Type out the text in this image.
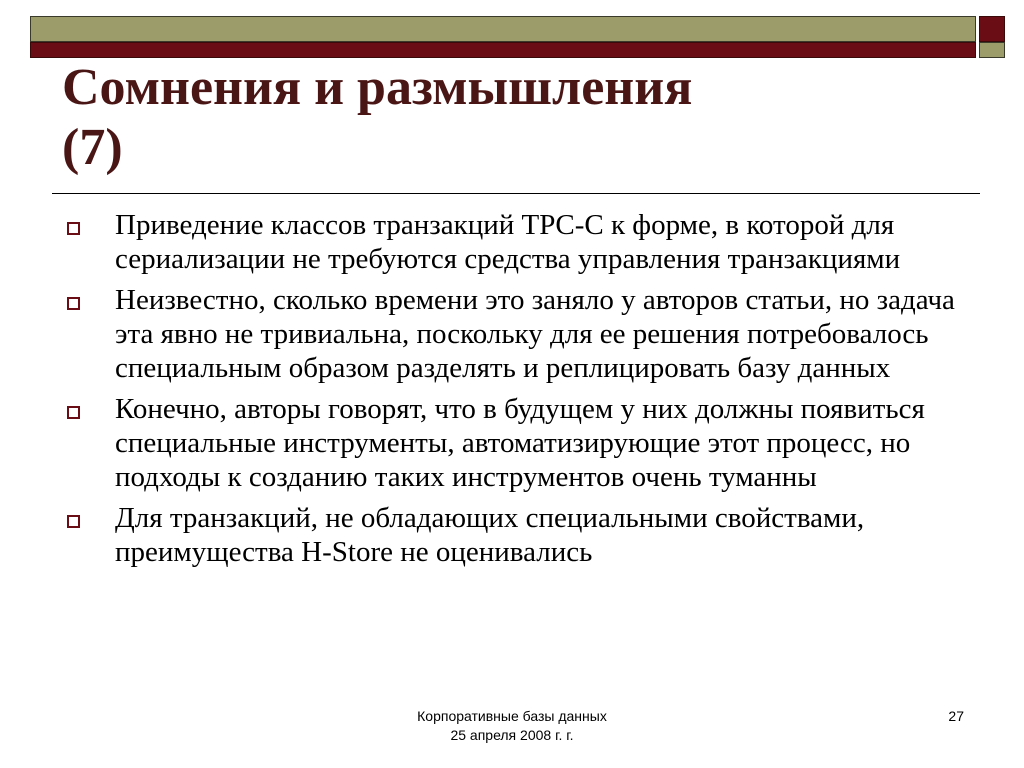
Сомнения и размышления
(7)
Приведение классов транзакций TPC-C к форме, в которой для сериализации не требуются средства управления транзакциями
Неизвестно, сколько времени это заняло у авторов статьи, но задача эта явно не тривиальна, поскольку для ее решения потребовалось специальным образом разделять и реплицировать базу данных
Конечно, авторы говорят, что в будущем у них должны появиться специальные инструменты, автоматизирующие этот процесс, но подходы к созданию таких инструментов очень туманны
Для транзакций, не обладающих специальными свойствами, преимущества H-Store не оценивались
Корпоративные базы данных
25 апреля 2008 г. г.
27
